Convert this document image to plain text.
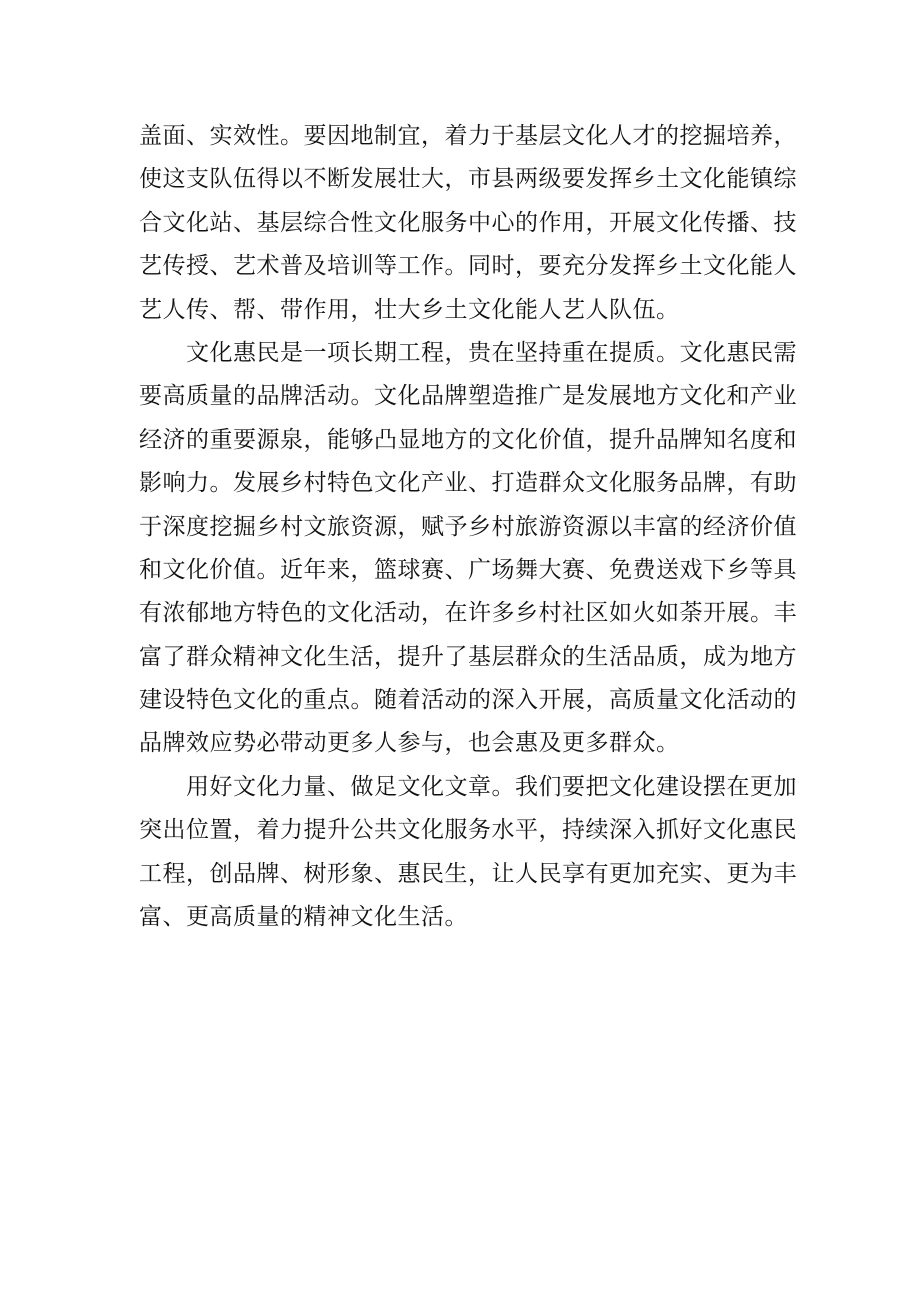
盖面、实效性。要因地制宜，着力于基层文化人才的挖掘培养，
使这支队伍得以不断发展壮大，市县两级要发挥乡土文化能镇综
合文化站、基层综合性文化服务中心的作用，开展文化传播、技
艺传授、艺术普及培训等工作。同时，要充分发挥乡土文化能人
艺人传、帮、带作用，壮大乡土文化能人艺人队伍。
文化惠民是一项长期工程，贵在坚持重在提质。文化惠民需
要高质量的品牌活动。文化品牌塑造推广是发展地方文化和产业
经济的重要源泉，能够凸显地方的文化价值，提升品牌知名度和
影响力。发展乡村特色文化产业、打造群众文化服务品牌，有助
于深度挖掘乡村文旅资源，赋予乡村旅游资源以丰富的经济价值
和文化价值。近年来，篮球赛、广场舞大赛、免费送戏下乡等具
有浓郁地方特色的文化活动，在许多乡村社区如火如荼开展。丰
富了群众精神文化生活，提升了基层群众的生活品质，成为地方
建设特色文化的重点。随着活动的深入开展，高质量文化活动的
品牌效应势必带动更多人参与，也会惠及更多群众。
用好文化力量、做足文化文章。我们要把文化建设摆在更加
突出位置，着力提升公共文化服务水平，持续深入抓好文化惠民
工程，创品牌、树形象、惠民生，让人民享有更加充实、更为丰
富、更高质量的精神文化生活。
